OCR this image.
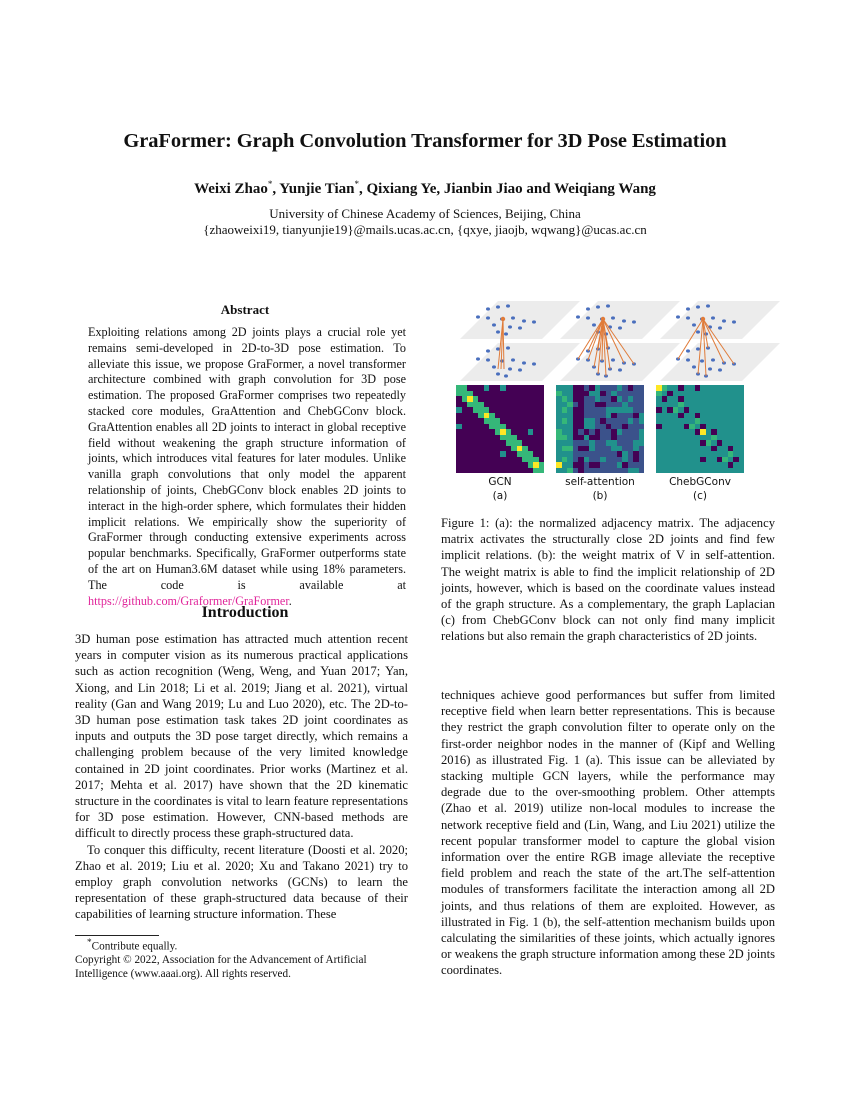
GraFormer: Graph Convolution Transformer for 3D Pose Estimation
Weixi Zhao*, Yunjie Tian*, Qixiang Ye, Jianbin Jiao and Weiqiang Wang
University of Chinese Academy of Sciences, Beijing, China
{zhaoweixi19, tianyunjie19}@mails.ucas.ac.cn, {qxye, jiaojb, wqwang}@ucas.ac.cn
Abstract

Exploiting relations among 2D joints plays a crucial role yet remains semi-developed in 2D-to-3D pose estimation. To alleviate this issue, we propose GraFormer, a novel transformer architecture combined with graph convolution for 3D pose estimation. The proposed GraFormer comprises two repeatedly stacked core modules, GraAttention and ChebGConv block. GraAttention enables all 2D joints to interact in global receptive field without weakening the graph structure information of joints, which introduces vital features for later modules. Unlike vanilla graph convolutions that only model the apparent relationship of joints, ChebGConv block enables 2D joints to interact in the high-order sphere, which formulates their hidden implicit relations. We empirically show the superiority of GraFormer through conducting extensive experiments across popular benchmarks. Specifically, GraFormer outperforms state of the art on Human3.6M dataset while using 18% parameters. The code is available at https://github.com/Graformer/GraFormer.

Introduction

3D human pose estimation has attracted much attention recent years in computer vision as its numerous practical applications such as action recognition (Weng, Weng, and Yuan 2017; Yan, Xiong, and Lin 2018; Li et al. 2019; Jiang et al. 2021), virtual reality (Gan and Wang 2019; Lu and Luo 2020), etc. The 2D-to-3D human pose estimation task takes 2D joint coordinates as inputs and outputs the 3D pose target directly, which remains a challenging problem because of the very limited knowledge contained in 2D joint coordinates. Prior works (Martinez et al. 2017; Mehta et al. 2017) have shown that the 2D kinematic structure in the coordinates is vital to learn feature representations for 3D pose estimation. However, CNN-based methods are difficult to directly process these graph-structured data.

To conquer this difficulty, recent literature (Doosti et al. 2020; Zhao et al. 2019; Liu et al. 2020; Xu and Takano 2021) try to employ graph convolution networks (GCNs) to learn the representation of these graph-structured data because of their capabilities of learning structure information. These

*Contribute equally.
Copyright © 2022, Association for the Advancement of Artificial Intelligence (www.aaai.org). All rights reserved.
GCN
(a)
self-attention
(b)
ChebGConv
(c)
Figure 1: (a): the normalized adjacency matrix. The adjacency matrix activates the structurally close 2D joints and find few implicit relations. (b): the weight matrix of V in self-attention. The weight matrix is able to find the implicit relationship of 2D joints, however, which is based on the coordinate values instead of the graph structure. As a complementary, the graph Laplacian (c) from ChebGConv block can not only find many implicit relations but also remain the graph characteristics of 2D joints.
techniques achieve good performances but suffer from limited receptive field when learn better representations. This is because they restrict the graph convolution filter to operate only on the first-order neighbor nodes in the manner of (Kipf and Welling 2016) as illustrated Fig. 1 (a). This issue can be alleviated by stacking multiple GCN layers, while the performance may degrade due to the over-smoothing problem. Other attempts (Zhao et al. 2019) utilize non-local modules to increase the network receptive field and (Lin, Wang, and Liu 2021) utilize the recent popular transformer model to capture the global vision information over the entire RGB image alleviate the receptive field problem and reach the state of the art.The self-attention modules of transformers facilitate the interaction among all 2D joints, and thus relations of them are exploited. However, as illustrated in Fig. 1 (b), the self-attention mechanism builds upon calculating the similarities of these joints, which actually ignores or weakens the graph structure information among these 2D joints coordinates.
